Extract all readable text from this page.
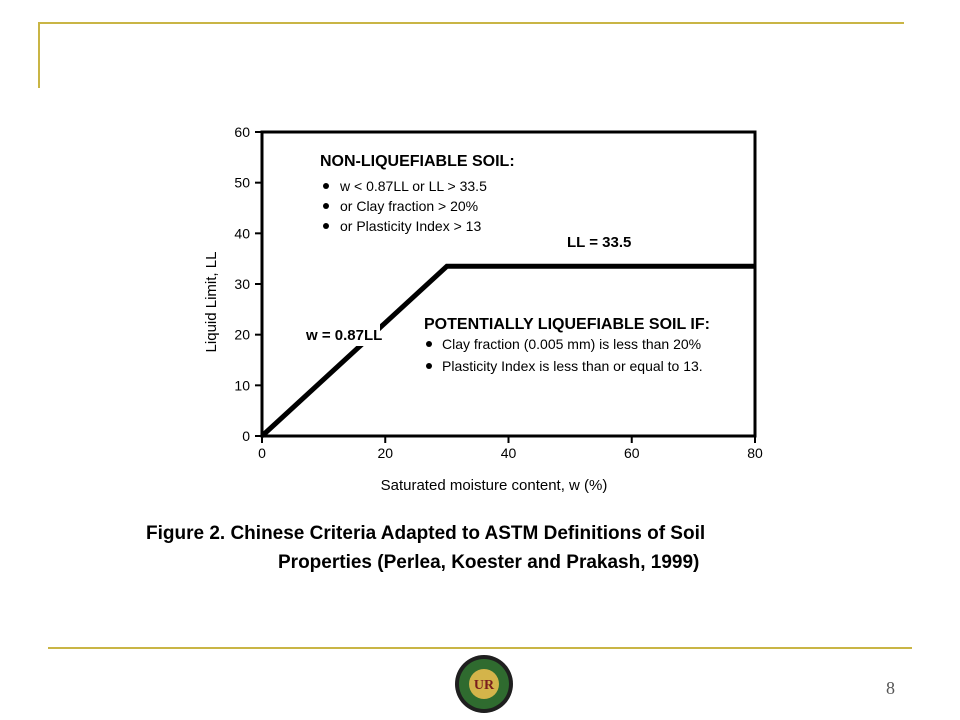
0
10
20
30
40
50
60
0	20	40	60	80
w = 0.87LL
LL = 33.5
NON-LIQUEFIABLE SOIL:
w < 0.87LL or LL > 33.5
or Clay fraction > 20%
or Plasticity Index > 13
POTENTIALLY LIQUEFIABLE SOIL IF:
Clay fraction (0.005 mm) is less than 20%
Plasticity Index is less than or equal to 13.
Liquid Limit, LL
Saturated moisture content, w (%)
Figure 2. Chinese Criteria Adapted to ASTM Definitions of Soil
Properties (Perlea, Koester and Prakash, 1999)
UR	8
